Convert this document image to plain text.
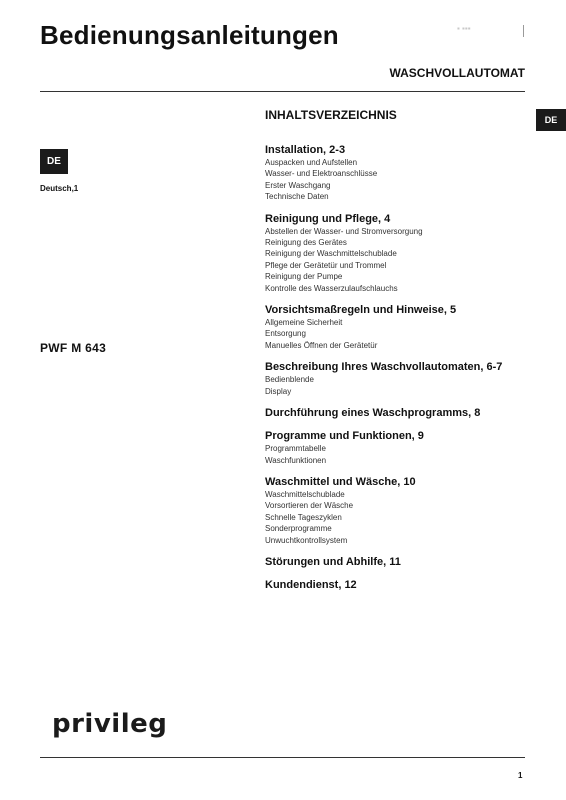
Bedienungsanleitungen	▪ ▪▪▪
WASCHVOLLAUTOMAT
DE
DE
Deutsch,1
PWF M 643
INHALTSVERZEICHNIS
Installation, 2-3
Auspacken und Aufstellen
Wasser- und Elektroanschlüsse
Erster Waschgang
Technische Daten
Reinigung und Pflege, 4
Abstellen der Wasser- und Stromversorgung
Reinigung des Gerätes
Reinigung der Waschmittelschublade
Pflege der Gerätetür und Trommel
Reinigung der Pumpe
Kontrolle des Wasserzulaufschlauchs
Vorsichtsmaßregeln und Hinweise, 5
Allgemeine Sicherheit
Entsorgung
Manuelles Öffnen der Gerätetür
Beschreibung Ihres Waschvollautomaten, 6-7
Bedienblende
Display
Durchführung eines Waschprogramms, 8
Programme und Funktionen, 9
Programmtabelle
Waschfunktionen
Waschmittel und Wäsche, 10
Waschmittelschublade
Vorsortieren der Wäsche
Schnelle Tageszyklen
Sonderprogramme
Unwuchtkontrollsystem
Störungen und Abhilfe, 11
Kundendienst, 12
privileg
1
